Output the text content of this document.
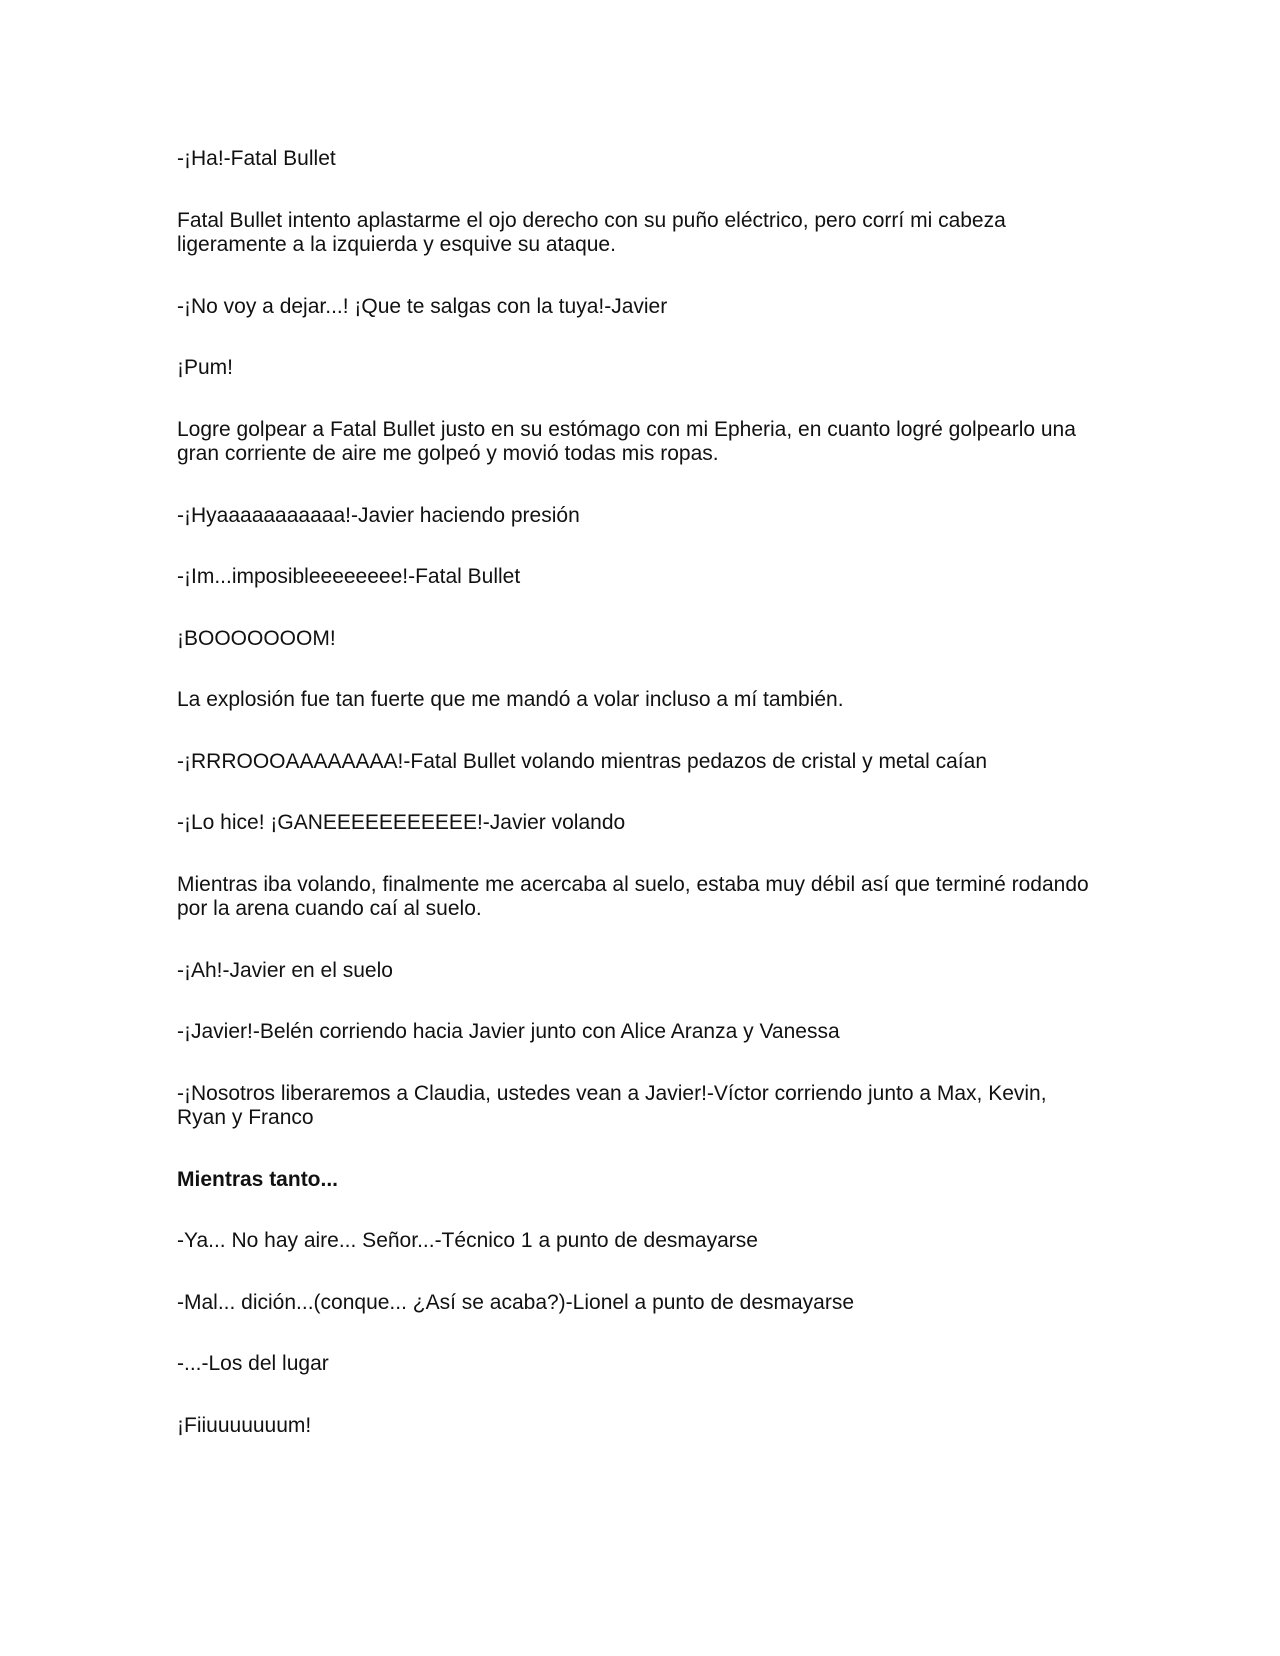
-¡Ha!-Fatal Bullet

Fatal Bullet intento aplastarme el ojo derecho con su puño eléctrico, pero corrí mi cabeza ligeramente a la izquierda y esquive su ataque.

-¡No voy a dejar...! ¡Que te salgas con la tuya!-Javier

¡Pum!

Logre golpear a Fatal Bullet justo en su estómago con mi Epheria, en cuanto logré golpearlo una gran corriente de aire me golpeó y movió todas mis ropas.

-¡Hyaaaaaaaaaaa!-Javier haciendo presión

-¡Im...imposibleeeeeeee!-Fatal Bullet

¡BOOOOOOOM!

La explosión fue tan fuerte que me mandó a volar incluso a mí también.

-¡RRROOOAAAAAAAA!-Fatal Bullet volando mientras pedazos de cristal y metal caían

-¡Lo hice! ¡GANEEEEEEEEEEE!-Javier volando

Mientras iba volando, finalmente me acercaba al suelo, estaba muy débil así que terminé rodando por la arena cuando caí al suelo.

-¡Ah!-Javier en el suelo

-¡Javier!-Belén corriendo hacia Javier junto con Alice Aranza y Vanessa

-¡Nosotros liberaremos a Claudia, ustedes vean a Javier!-Víctor corriendo junto a Max, Kevin, Ryan y Franco

Mientras tanto...

-Ya... No hay aire... Señor...-Técnico 1 a punto de desmayarse

-Mal... dición...(conque... ¿Así se acaba?)-Lionel a punto de desmayarse

-...-Los del lugar

¡Fiiuuuuuuum!
